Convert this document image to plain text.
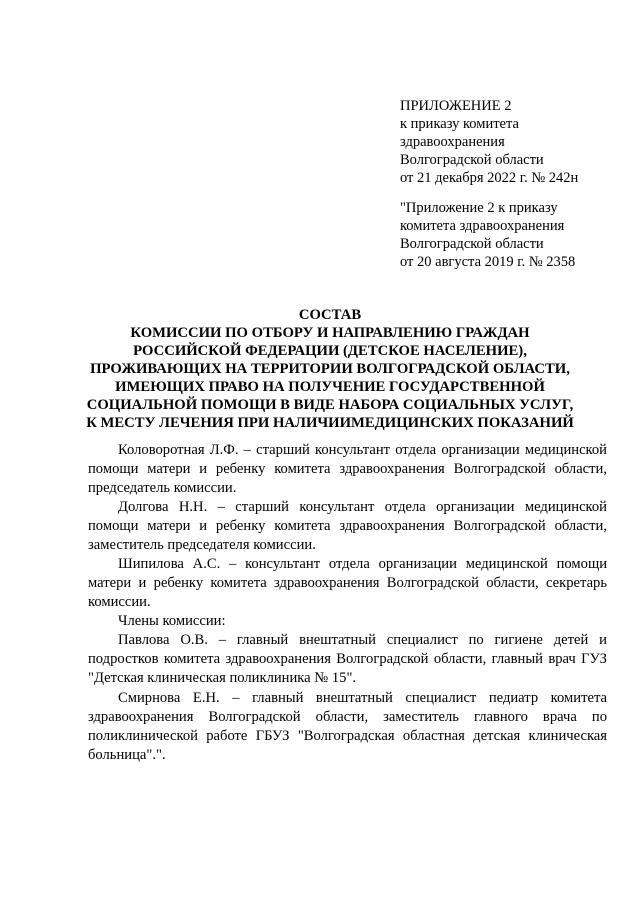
ПРИЛОЖЕНИЕ 2
к приказу комитета
здравоохранения
Волгоградской области
от 21 декабря 2022 г. № 242н
"Приложение 2 к приказу
комитета здравоохранения
Волгоградской области
от 20 августа 2019 г. № 2358
СОСТАВ
КОМИССИИ ПО ОТБОРУ И НАПРАВЛЕНИЮ ГРАЖДАН
РОССИЙСКОЙ ФЕДЕРАЦИИ (ДЕТСКОЕ НАСЕЛЕНИЕ),
ПРОЖИВАЮЩИХ НА ТЕРРИТОРИИ ВОЛГОГРАДСКОЙ ОБЛАСТИ,
ИМЕЮЩИХ ПРАВО НА ПОЛУЧЕНИЕ ГОСУДАРСТВЕННОЙ
СОЦИАЛЬНОЙ ПОМОЩИ В ВИДЕ НАБОРА СОЦИАЛЬНЫХ УСЛУГ,
К МЕСТУ ЛЕЧЕНИЯ ПРИ НАЛИЧИИМЕДИЦИНСКИХ ПОКАЗАНИЙ

Коловоротная Л.Ф. – старший консультант отдела организации медицинской помощи матери и ребенку комитета здравоохранения Волгоградской области, председатель комиссии.

Долгова Н.Н. – старший консультант отдела организации медицинской помощи матери и ребенку комитета здравоохранения Волгоградской области, заместитель председателя комиссии.

Шипилова А.С. – консультант отдела организации медицинской помощи матери и ребенку комитета здравоохранения Волгоградской области, секретарь комиссии.

Члены комиссии:

Павлова О.В. – главный внештатный специалист по гигиене детей и подростков комитета здравоохранения Волгоградской области, главный врач ГУЗ "Детская клиническая поликлиника № 15".

Смирнова Е.Н. – главный внештатный специалист педиатр комитета здравоохранения Волгоградской области, заместитель главного врача по поликлинической работе ГБУЗ "Волгоградская областная детская клиническая больница".".
